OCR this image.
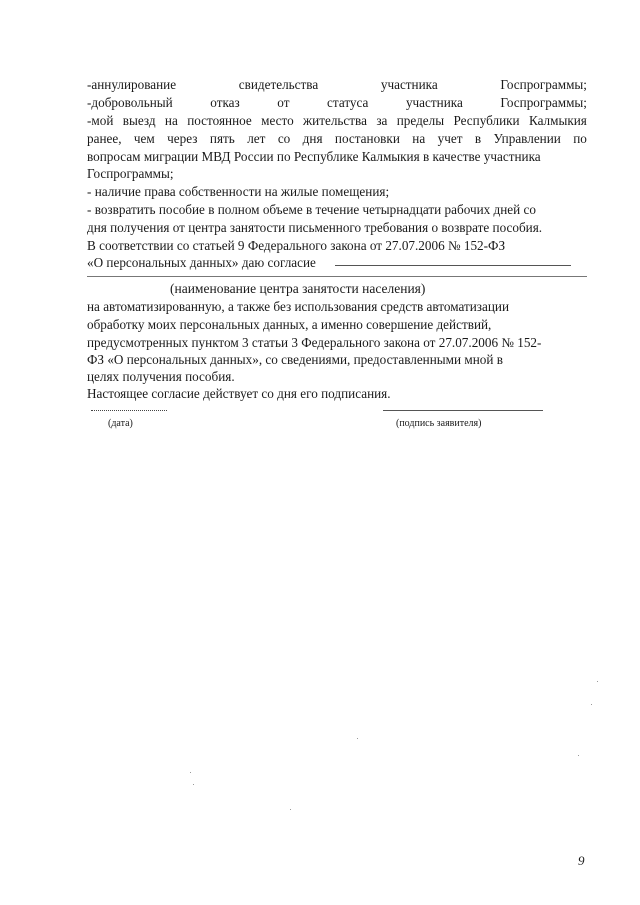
-аннулирование	свидетельства	участника	Госпрограммы;
-добровольный	отказ	от	статуса	участника	Госпрограммы;
-мой выезд на постоянное место жительства за пределы Республики Калмыкия
ранее, чем через пять лет со дня постановки на учет в Управлении по
вопросам миграции МВД России по Республике Калмыкия в качестве участника
Госпрограммы;
- наличие права собственности на жилые помещения;
- возвратить пособие в полном объеме в течение четырнадцати рабочих дней со
дня получения от центра занятости письменного требования о возврате пособия.
В соответствии со статьей 9 Федерального закона от 27.07.2006 № 152-ФЗ
«О персональных данных» даю согласие
(наименование центра занятости населения)
на автоматизированную, а также без использования средств автоматизации
обработку моих персональных данных, а именно совершение действий,
предусмотренных пунктом 3 статьи 3 Федерального закона от 27.07.2006 № 152-
ФЗ «О персональных данных», со сведениями, предоставленными мной в
целях получения пособия.
Настоящее согласие действует со дня его подписания.
(дата)	(подпись заявителя)
9
